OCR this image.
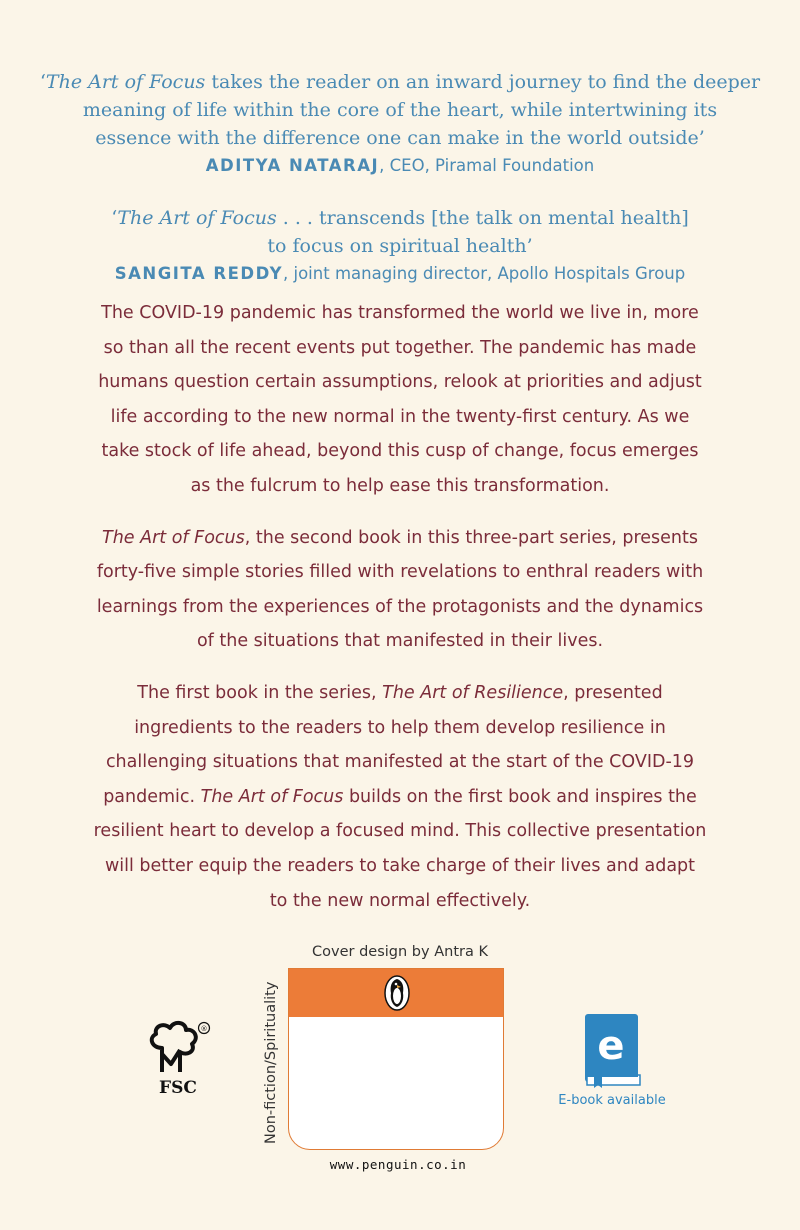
‘The Art of Focus takes the reader on an inward journey to find the deeper
meaning of life within the core of the heart, while intertwining its
essence with the difference one can make in the world outside’

ADITYA NATARAJ, CEO, Piramal Foundation

‘The Art of Focus . . . transcends [the talk on mental health]
to focus on spiritual health’

SANGITA REDDY, joint managing director, Apollo Hospitals Group

The COVID-19 pandemic has transformed the world we live in, more
so than all the recent events put together. The pandemic has made
humans question certain assumptions, relook at priorities and adjust
life according to the new normal in the twenty-first century. As we
take stock of life ahead, beyond this cusp of change, focus emerges
as the fulcrum to help ease this transformation.

The Art of Focus, the second book in this three-part series, presents
forty-five simple stories filled with revelations to enthral readers with
learnings from the experiences of the protagonists and the dynamics
of the situations that manifested in their lives.

The first book in the series, The Art of Resilience, presented
ingredients to the readers to help them develop resilience in
challenging situations that manifested at the start of the COVID-19
pandemic. The Art of Focus builds on the first book and inspires the
resilient heart to develop a focused mind. This collective presentation
will better equip the readers to take charge of their lives and adapt
to the new normal effectively.

®
FSC
Cover design by Antra K
Non-fiction/Spirituality
www.penguin.co.in
e
E-book available
